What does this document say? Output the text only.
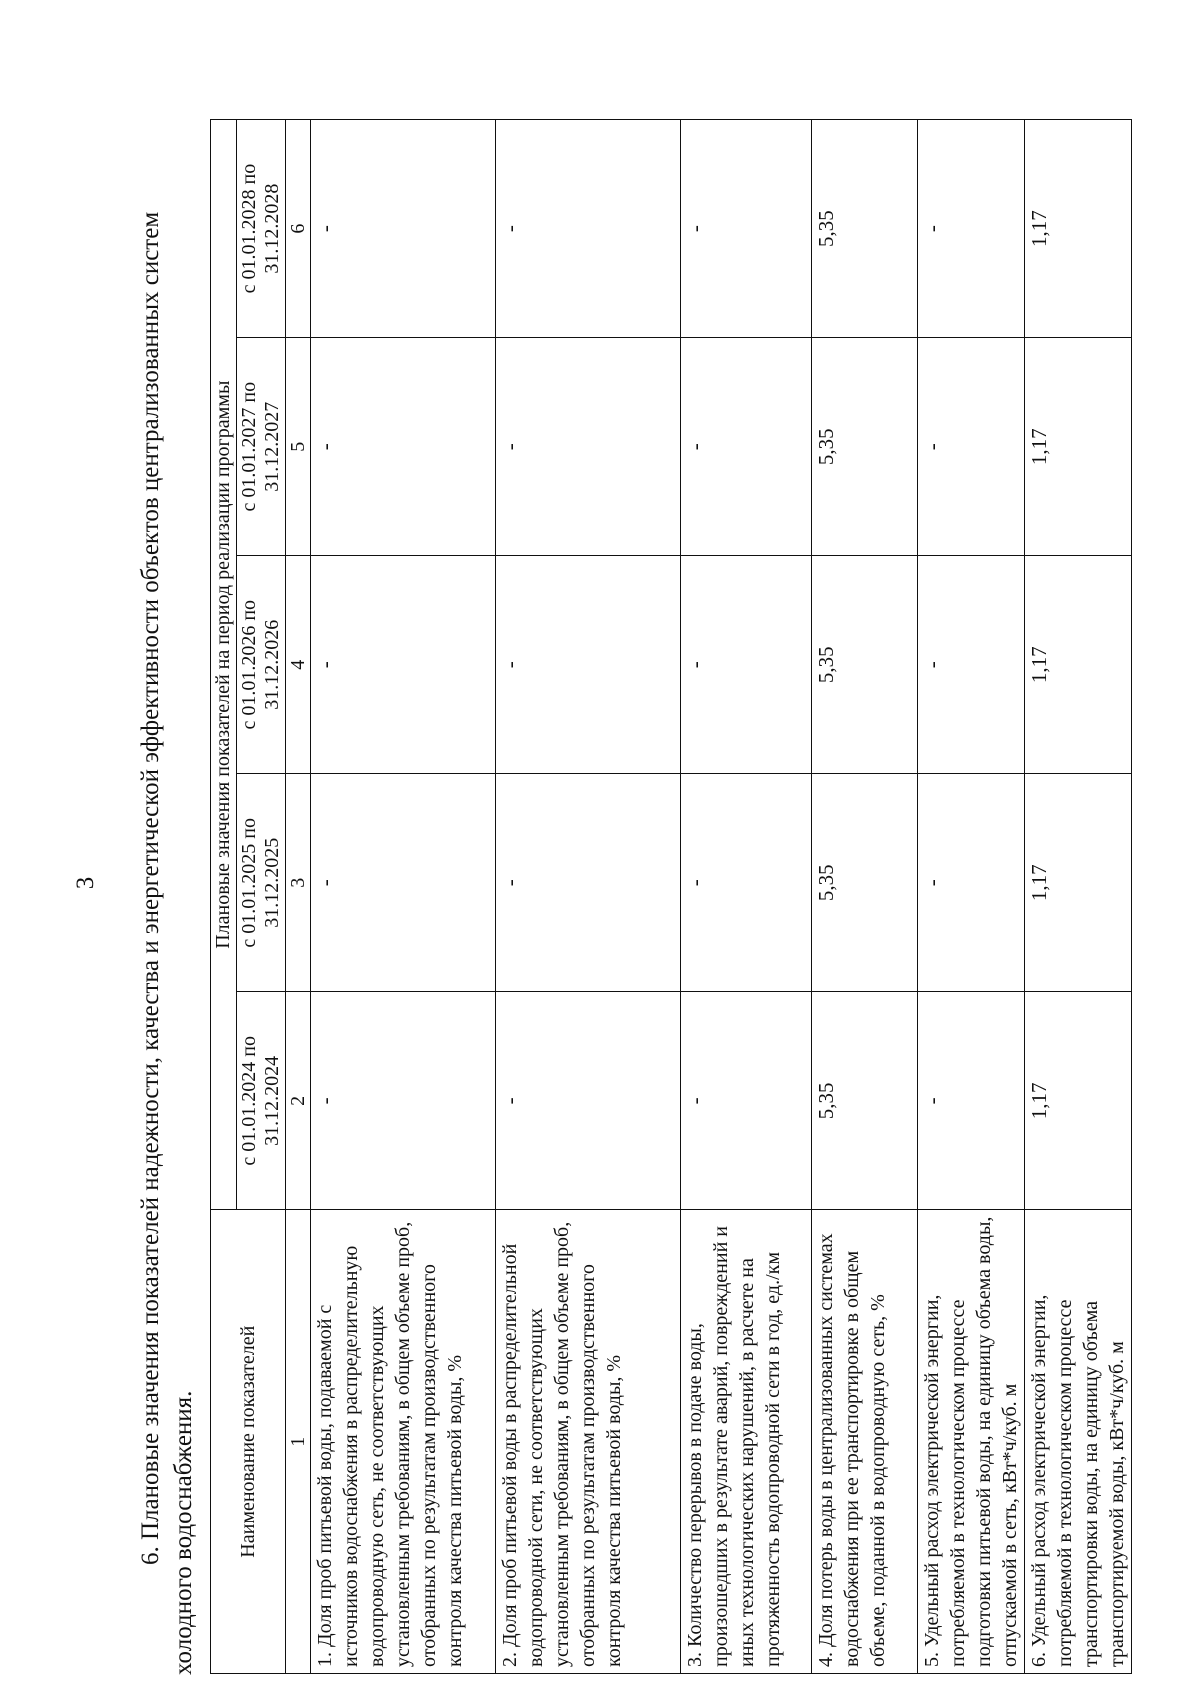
3 6. Плановые значения показателей надежности, качества и энергетической эффективности объектов централизованных систем холодного водоснабжения. Наименование показателей	Плановые значения показателей на период реализации программы				
	с 01.01.2024 по 31.12.2024	с 01.01.2025 по 31.12.2025	с 01.01.2026 по 31.12.2026	с 01.01.2027 по 31.12.2027	с 01.01.2028 по 31.12.2028
1	2	3	4	5	6
1. Доля проб питьевой воды, подаваемой с источников водоснабжения в распределительную водопроводную сеть, не соответствующих установленным требованиям, в общем объеме проб, отобранных по результатам производственного контроля качества питьевой воды, %	-	-	-	-	-
2. Доля проб питьевой воды в распределительной водопроводной сети, не соответствующих установленным требованиям, в общем объеме проб, отобранных по результатам производственного контроля качества питьевой воды, %	-	-	-	-	-
3. Количество перерывов в подаче воды, произошедших в результате аварий, повреждений и иных технологических нарушений, в расчете на протяженность водопроводной сети в год, ед./км	-	-	-	-	-
4. Доля потерь воды в централизованных системах водоснабжения при ее транспортировке в общем объеме, поданной в водопроводную сеть, %	5,35	5,35	5,35	5,35	5,35
5. Удельный расход электрической энергии, потребляемой в технологическом процессе подготовки питьевой воды, на единицу объема воды, отпускаемой в сеть, кВт*ч/куб. м	-	-	-	-	-
6. Удельный расход электрической энергии, потребляемой в технологическом процессе транспортировки воды, на единицу объема транспортируемой воды, кВт*ч/куб. м	1,17	1,17	1,17	1,17	1,17
